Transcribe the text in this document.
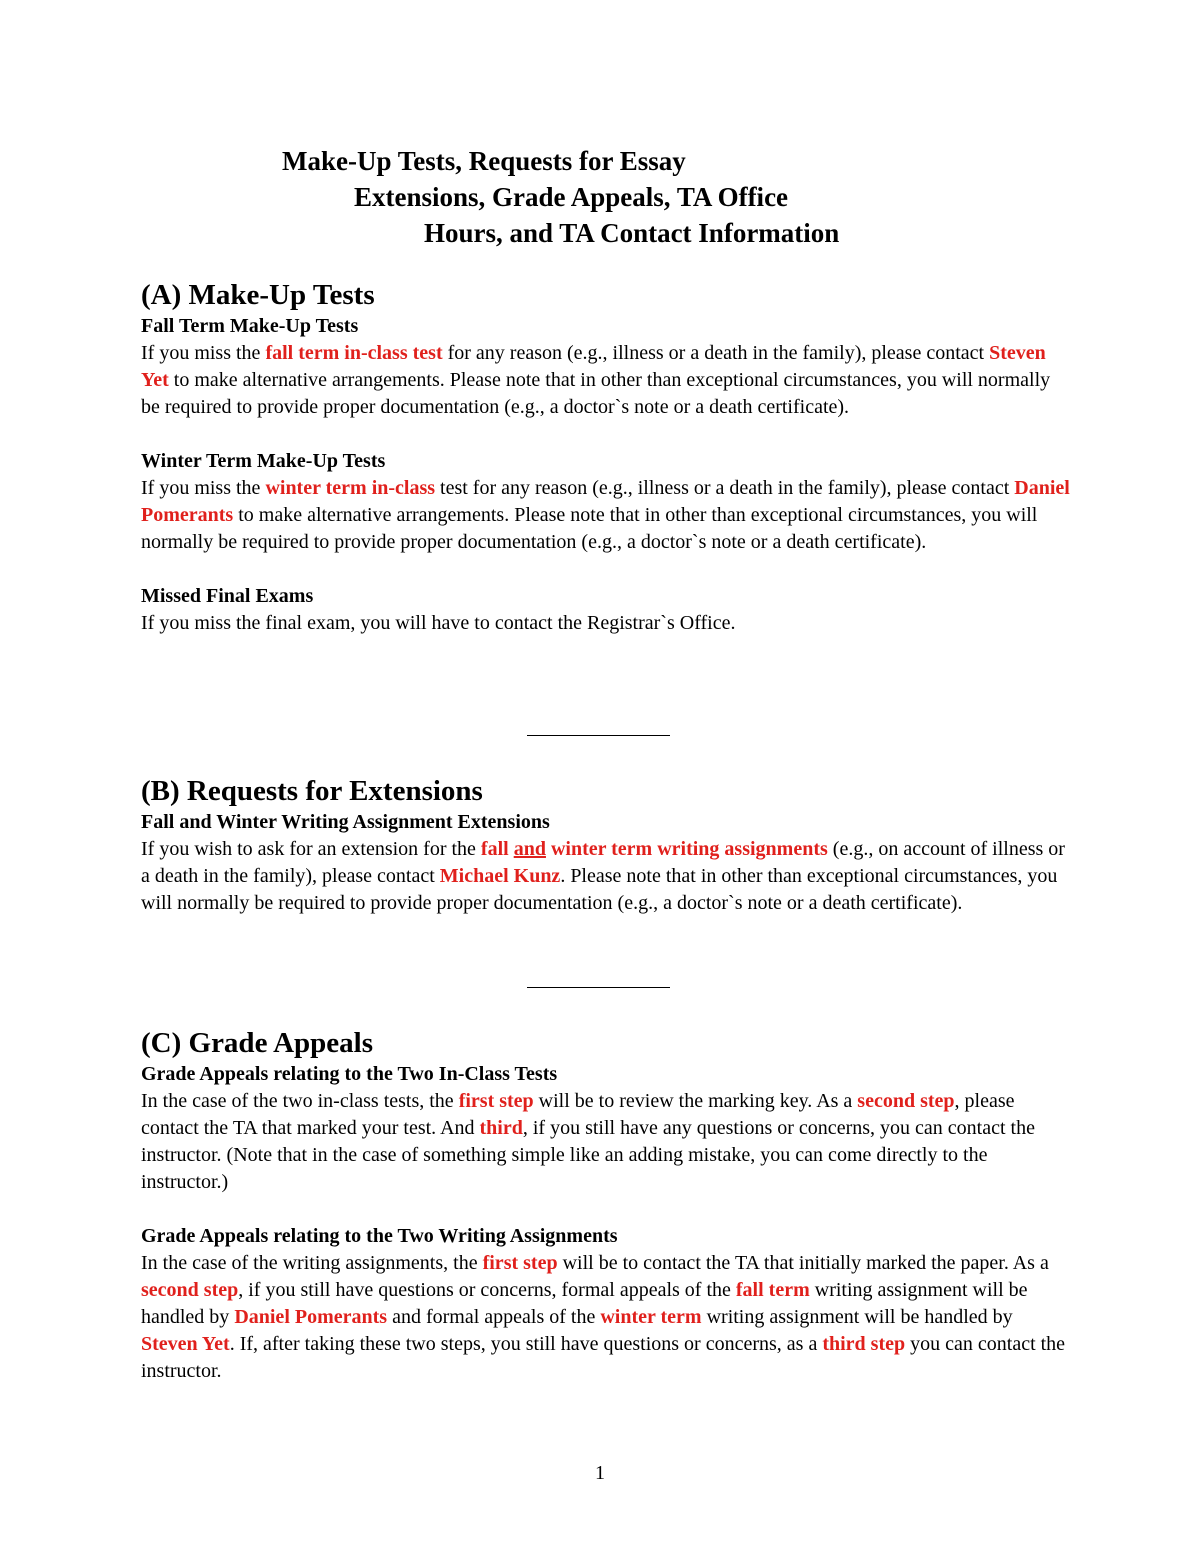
Make-Up Tests, Requests for Essay
Extensions, Grade Appeals, TA Office
Hours, and TA Contact Information
(A) Make-Up Tests
Fall Term Make-Up Tests

If you miss the fall term in-class test for any reason (e.g., illness or a death in the family), please contact Steven Yet to make alternative arrangements. Please note that in other than exceptional circumstances, you will normally be required to provide proper documentation (e.g., a doctor`s note or a death certificate).

Winter Term Make-Up Tests

If you miss the winter term in-class test for any reason (e.g., illness or a death in the family), please contact Daniel Pomerants to make alternative arrangements. Please note that in other than exceptional circumstances, you will normally be required to provide proper documentation (e.g., a doctor`s note or a death certificate).

Missed Final Exams

If you miss the final exam, you will have to contact the Registrar`s Office.

(B) Requests for Extensions
Fall and Winter Writing Assignment Extensions

If you wish to ask for an extension for the fall and winter term writing assignments (e.g., on account of illness or a death in the family), please contact Michael Kunz. Please note that in other than exceptional circumstances, you will normally be required to provide proper documentation (e.g., a doctor`s note or a death certificate).

(C) Grade Appeals
Grade Appeals relating to the Two In-Class Tests

In the case of the two in-class tests, the first step will be to review the marking key. As a second step, please contact the TA that marked your test. And third, if you still have any questions or concerns, you can contact the instructor. (Note that in the case of something simple like an adding mistake, you can come directly to the instructor.)

Grade Appeals relating to the Two Writing Assignments

In the case of the writing assignments, the first step will be to contact the TA that initially marked the paper. As a second step, if you still have questions or concerns, formal appeals of the fall term writing assignment will be handled by Daniel Pomerants and formal appeals of the winter term writing assignment will be handled by Steven Yet. If, after taking these two steps, you still have questions or concerns, as a third step you can contact the instructor.

1
